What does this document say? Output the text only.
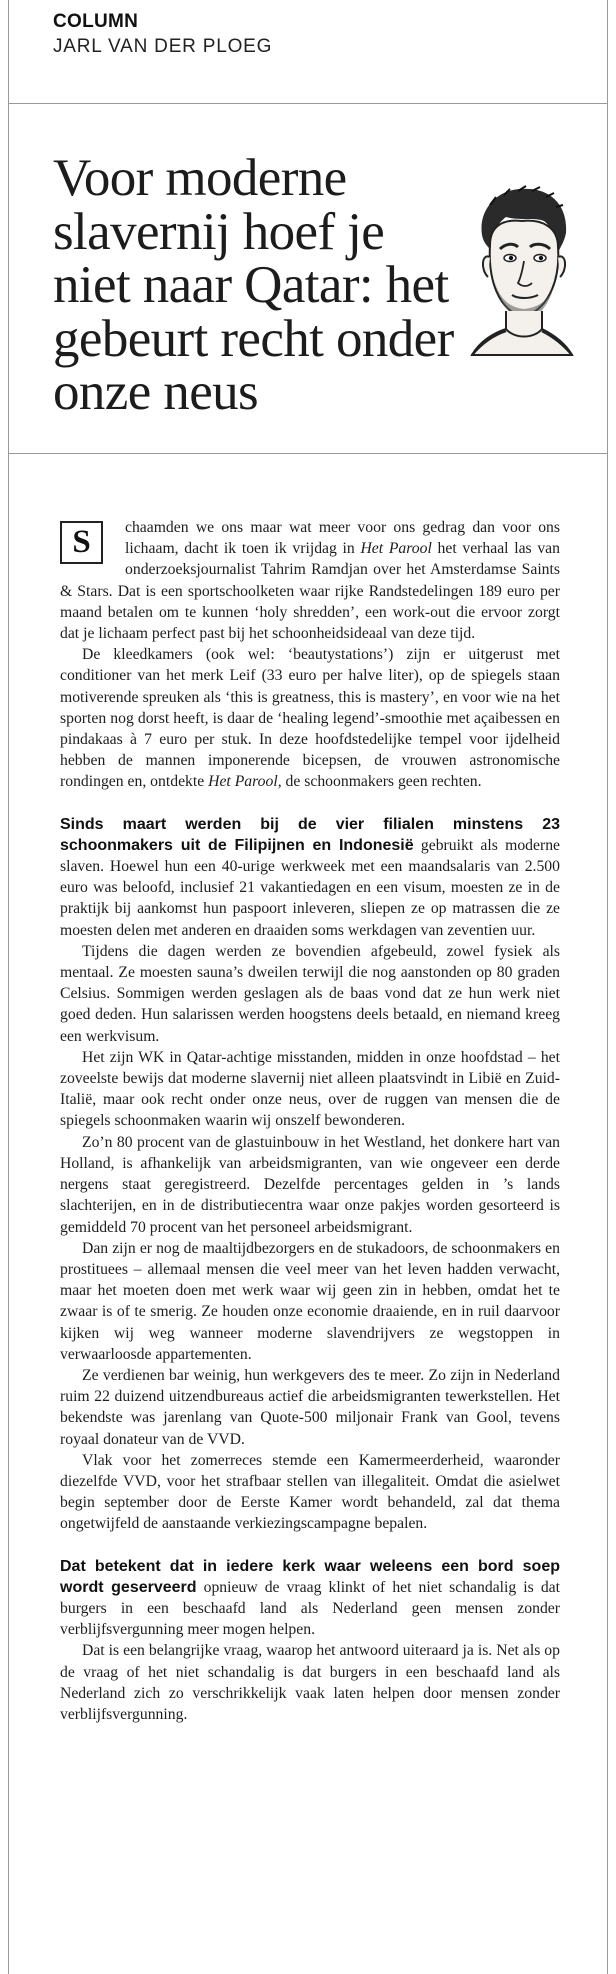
COLUMN
JARL VAN DER PLOEG
Voor moderne slavernij hoef je niet naar Qatar: het gebeurt recht onder onze neus
S	chaamden we ons maar wat meer voor ons gedrag dan voor ons lichaam, dacht ik toen ik vrijdag in Het Parool het verhaal las van onderzoeksjournalist Tahrim Ramdjan over het Amsterdamse Saints & Stars. Dat is een sportschoolketen waar rijke Randstedelingen 189 euro per maand betalen om te kunnen ‘holy shredden’, een work-out die ervoor zorgt dat je lichaam perfect past bij het schoonheidsideaal van deze tijd.

De kleedkamers (ook wel: ‘beautystations’) zijn er uitgerust met conditioner van het merk Leif (33 euro per halve liter), op de spiegels staan motiverende spreuken als ‘this is greatness, this is mastery’, en voor wie na het sporten nog dorst heeft, is daar de ‘healing legend’-smoothie met açaibessen en pindakaas à 7 euro per stuk. In deze hoofdstedelijke tempel voor ijdelheid hebben de mannen imponerende bicepsen, de vrouwen astronomische rondingen en, ontdekte Het Parool, de schoonmakers geen rechten.

Sinds maart werden bij de vier filialen minstens 23 schoonmakers uit de Filipijnen en Indonesië gebruikt als moderne slaven. Hoewel hun een 40-urige werkweek met een maandsalaris van 2.500 euro was beloofd, inclusief 21 vakantiedagen en een visum, moesten ze in de praktijk bij aankomst hun paspoort inleveren, sliepen ze op matrassen die ze moesten delen met anderen en draaiden soms werkdagen van zeventien uur.

Tijdens die dagen werden ze bovendien afgebeuld, zowel fysiek als mentaal. Ze moesten sauna’s dweilen terwijl die nog aanstonden op 80 graden Celsius. Sommigen werden geslagen als de baas vond dat ze hun werk niet goed deden. Hun salarissen werden hoogstens deels betaald, en niemand kreeg een werkvisum.

Het zijn WK in Qatar-achtige misstanden, midden in onze hoofdstad – het zoveelste bewijs dat moderne slavernij niet alleen plaatsvindt in Libië en Zuid-Italië, maar ook recht onder onze neus, over de ruggen van mensen die de spiegels schoonmaken waarin wij onszelf bewonderen.

Zo’n 80 procent van de glastuinbouw in het Westland, het donkere hart van Holland, is afhankelijk van arbeidsmigranten, van wie ongeveer een derde nergens staat geregistreerd. Dezelfde percentages gelden in ’s lands slachterijen, en in de distributiecentra waar onze pakjes worden gesorteerd is gemiddeld 70 procent van het personeel arbeidsmigrant.

Dan zijn er nog de maaltijdbezorgers en de stukadoors, de schoonmakers en prostituees – allemaal mensen die veel meer van het leven hadden verwacht, maar het moeten doen met werk waar wij geen zin in hebben, omdat het te zwaar is of te smerig. Ze houden onze economie draaiende, en in ruil daarvoor kijken wij weg wanneer moderne slavendrijvers ze wegstoppen in verwaarloosde appartementen.

Ze verdienen bar weinig, hun werkgevers des te meer. Zo zijn in Nederland ruim 22 duizend uitzendbureaus actief die arbeidsmigranten tewerkstellen. Het bekendste was jarenlang van Quote-500 miljonair Frank van Gool, tevens royaal donateur van de VVD.

Vlak voor het zomerreces stemde een Kamermeerderheid, waaronder diezelfde VVD, voor het strafbaar stellen van illegaliteit. Omdat die asielwet begin september door de Eerste Kamer wordt behandeld, zal dat thema ongetwijfeld de aanstaande verkiezingscampagne bepalen.

Dat betekent dat in iedere kerk waar weleens een bord soep wordt geserveerd opnieuw de vraag klinkt of het niet schandalig is dat burgers in een beschaafd land als Nederland geen mensen zonder verblijfsvergunning meer mogen helpen.

Dat is een belangrijke vraag, waarop het antwoord uiteraard ja is. Net als op de vraag of het niet schandalig is dat burgers in een beschaafd land als Nederland zich zo verschrikkelijk vaak laten helpen door mensen zonder verblijfsvergunning.
